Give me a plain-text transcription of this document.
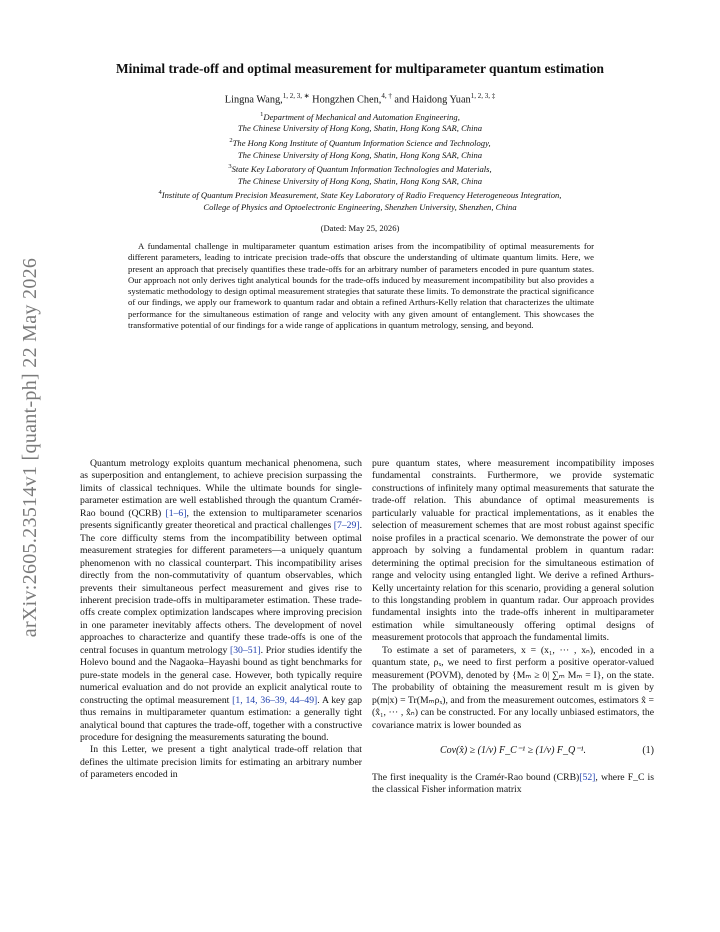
arXiv:2605.23514v1 [quant-ph] 22 May 2026
Minimal trade-off and optimal measurement for multiparameter quantum estimation
Lingna Wang,$^{1, 2, 3, ∗}$ Hongzhen Chen,$^{4, \dagger}$ and Haidong Yuan$^{1, 2, 3, \ddagger}$
$^1$Department of Mechanical and Automation Engineering,
The Chinese University of Hong Kong, Shatin, Hong Kong SAR, China
$^2$The Hong Kong Institute of Quantum Information Science and Technology,
The Chinese University of Hong Kong, Shatin, Hong Kong SAR, China
$^3$State Key Laboratory of Quantum Information Technologies and Materials,
The Chinese University of Hong Kong, Shatin, Hong Kong SAR, China
$^4$Institute of Quantum Precision Measurement, State Key Laboratory of Radio Frequency Heterogeneous Integration,
College of Physics and Optoelectronic Engineering, Shenzhen University, Shenzhen, China
(Dated: May 25, 2026)
A fundamental challenge in multiparameter quantum estimation arises from the incompatibility of optimal measurements for different parameters, leading to intricate precision trade-offs that obscure the understanding of ultimate quantum limits. Here, we present an approach that precisely quantifies these trade-offs for an arbitrary number of parameters encoded in pure quantum states. Our approach not only derives tight analytical bounds for the trade-offs induced by measurement incompatibility but also provides a systematic methodology to design optimal measurement strategies that saturate these limits. To demonstrate the practical significance of our findings, we apply our framework to quantum radar and obtain a refined Arthurs-Kelly relation that characterizes the ultimate performance for the simultaneous estimation of range and velocity with any given amount of entanglement. This showcases the transformative potential of our findings for a wide range of applications in quantum metrology, sensing, and beyond.

Quantum metrology exploits quantum mechanical phenomena, such as superposition and entanglement, to achieve precision surpassing the limits of classical techniques. While the ultimate bounds for single-parameter estimation are well established through the quantum Cramér-Rao bound (QCRB) [1–6], the extension to multiparameter scenarios presents significantly greater theoretical and practical challenges [7–29]. The core difficulty stems from the incompatibility between optimal measurement strategies for different parameters—a uniquely quantum phenomenon with no classical counterpart. This incompatibility arises directly from the non-commutativity of quantum observables, which prevents their simultaneous perfect measurement and gives rise to inherent precision trade-offs in multiparameter estimation. These trade-offs create complex optimization landscapes where improving precision in one parameter inevitably affects others. The development of novel approaches to characterize and quantify these trade-offs is one of the central focuses in quantum metrology [30–51]. Prior studies identify the Holevo bound and the Nagaoka–Hayashi bound as tight benchmarks for pure-state models in the general case. However, both typically require numerical evaluation and do not provide an explicit analytical route to constructing the optimal measurement [1, 14, 36–39, 44–49]. A key gap thus remains in multiparameter quantum estimation: a generally tight analytical bound that captures the trade-off, together with a constructive procedure for designing the measurements saturating the bound.

In this Letter, we present a tight analytical trade-off relation that defines the ultimate precision limits for estimating an arbitrary number of parameters encoded in

pure quantum states, where measurement incompatibility imposes fundamental constraints. Furthermore, we provide systematic constructions of infinitely many optimal measurements that saturate the trade-off relation. This abundance of optimal measurements is particularly valuable for practical implementations, as it enables the selection of measurement schemes that are most robust against specific noise profiles in a practical scenario. We demonstrate the power of our approach by solving a fundamental problem in quantum radar: determining the optimal precision for the simultaneous estimation of range and velocity using entangled light. We derive a refined Arthurs-Kelly uncertainty relation for this scenario, providing a general solution to this longstanding problem in quantum radar. Our approach provides fundamental insights into the trade-offs inherent in multiparameter estimation while simultaneously offering optimal designs of measurement protocols that approach the fundamental limits.

To estimate a set of parameters, x = (x₁, ··· , xₙ), encoded in a quantum state, ρₓ, we need to first perform a positive operator-valued measurement (POVM), denoted by {Mₘ ≥ 0| ∑ₘ Mₘ = I}, on the state. The probability of obtaining the measurement result m is given by p(m|x) = Tr(Mₘρₓ), and from the measurement outcomes, estimators x̂ = (x̂₁, ··· , x̂ₙ) can be constructed. For any locally unbiased estimators, the covariance matrix is lower bounded as

Cov(x̂) ≥ (1/ν) F_C⁻¹ ≥ (1/ν) F_Q⁻¹.	(1)

The first inequality is the Cramér-Rao bound (CRB)[52], where F_C is the classical Fisher information matrix
